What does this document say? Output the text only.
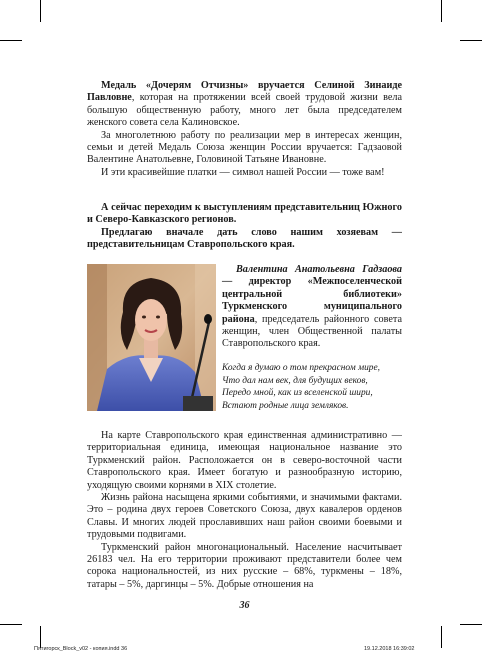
Медаль «Дочерям Отчизны» вручается Селиной Зинаиде Павловне, которая на протяжении всей своей трудовой жизни вела большую общественную работу, много лет была председателем женского совета села Калиновское.

За многолетнюю работу по реализации мер в интересах женщин, семьи и детей Медаль Союза женщин России вручается: Гадзаовой Валентине Анатольевне, Головиной Татьяне Ивановне.

И эти красивейшие платки — символ нашей России — тоже вам!

А сейчас переходим к выступлениям представительниц Южного и Северо-Кавказского регионов.

Предлагаю вначале дать слово нашим хозяевам — представительницам Ставропольского края.

Валентина Анатольевна Гадзаова — директор «Межпоселенческой центральной библиотеки» Туркменского муниципального района, председатель районного совета женщин, член Общественной палаты Ставропольского края.

Когда я думаю о том прекрасном мире,
Что дал нам век, для будущих веков,
Передо мной, как из вселенской шири,
Встают родные лица земляков.

На карте Ставропольского края единственная административно — территориальная единица, имеющая национальное название это Туркменский район. Расположается он в северо-восточной части Ставропольского края. Имеет богатую и разнообразную историю, уходящую своими корнями в XIX столетие.

Жизнь района насыщена яркими событиями, и значимыми фактами. Это – родина двух героев Советского Союза, двух кавалеров орденов Славы. И многих людей прославивших наш район своими боевыми и трудовыми подвигами.

Туркменский район многонациональный. Население насчитывает 26183 чел. На его территории проживают представители более чем сорока национальностей, из них русские – 68%, туркмены – 18%, татары – 5%, даргинцы – 5%. Добрые отношения на

36
Пятигорск_Block_v02 - копия.indd 36	19.12.2018 16:39:02
